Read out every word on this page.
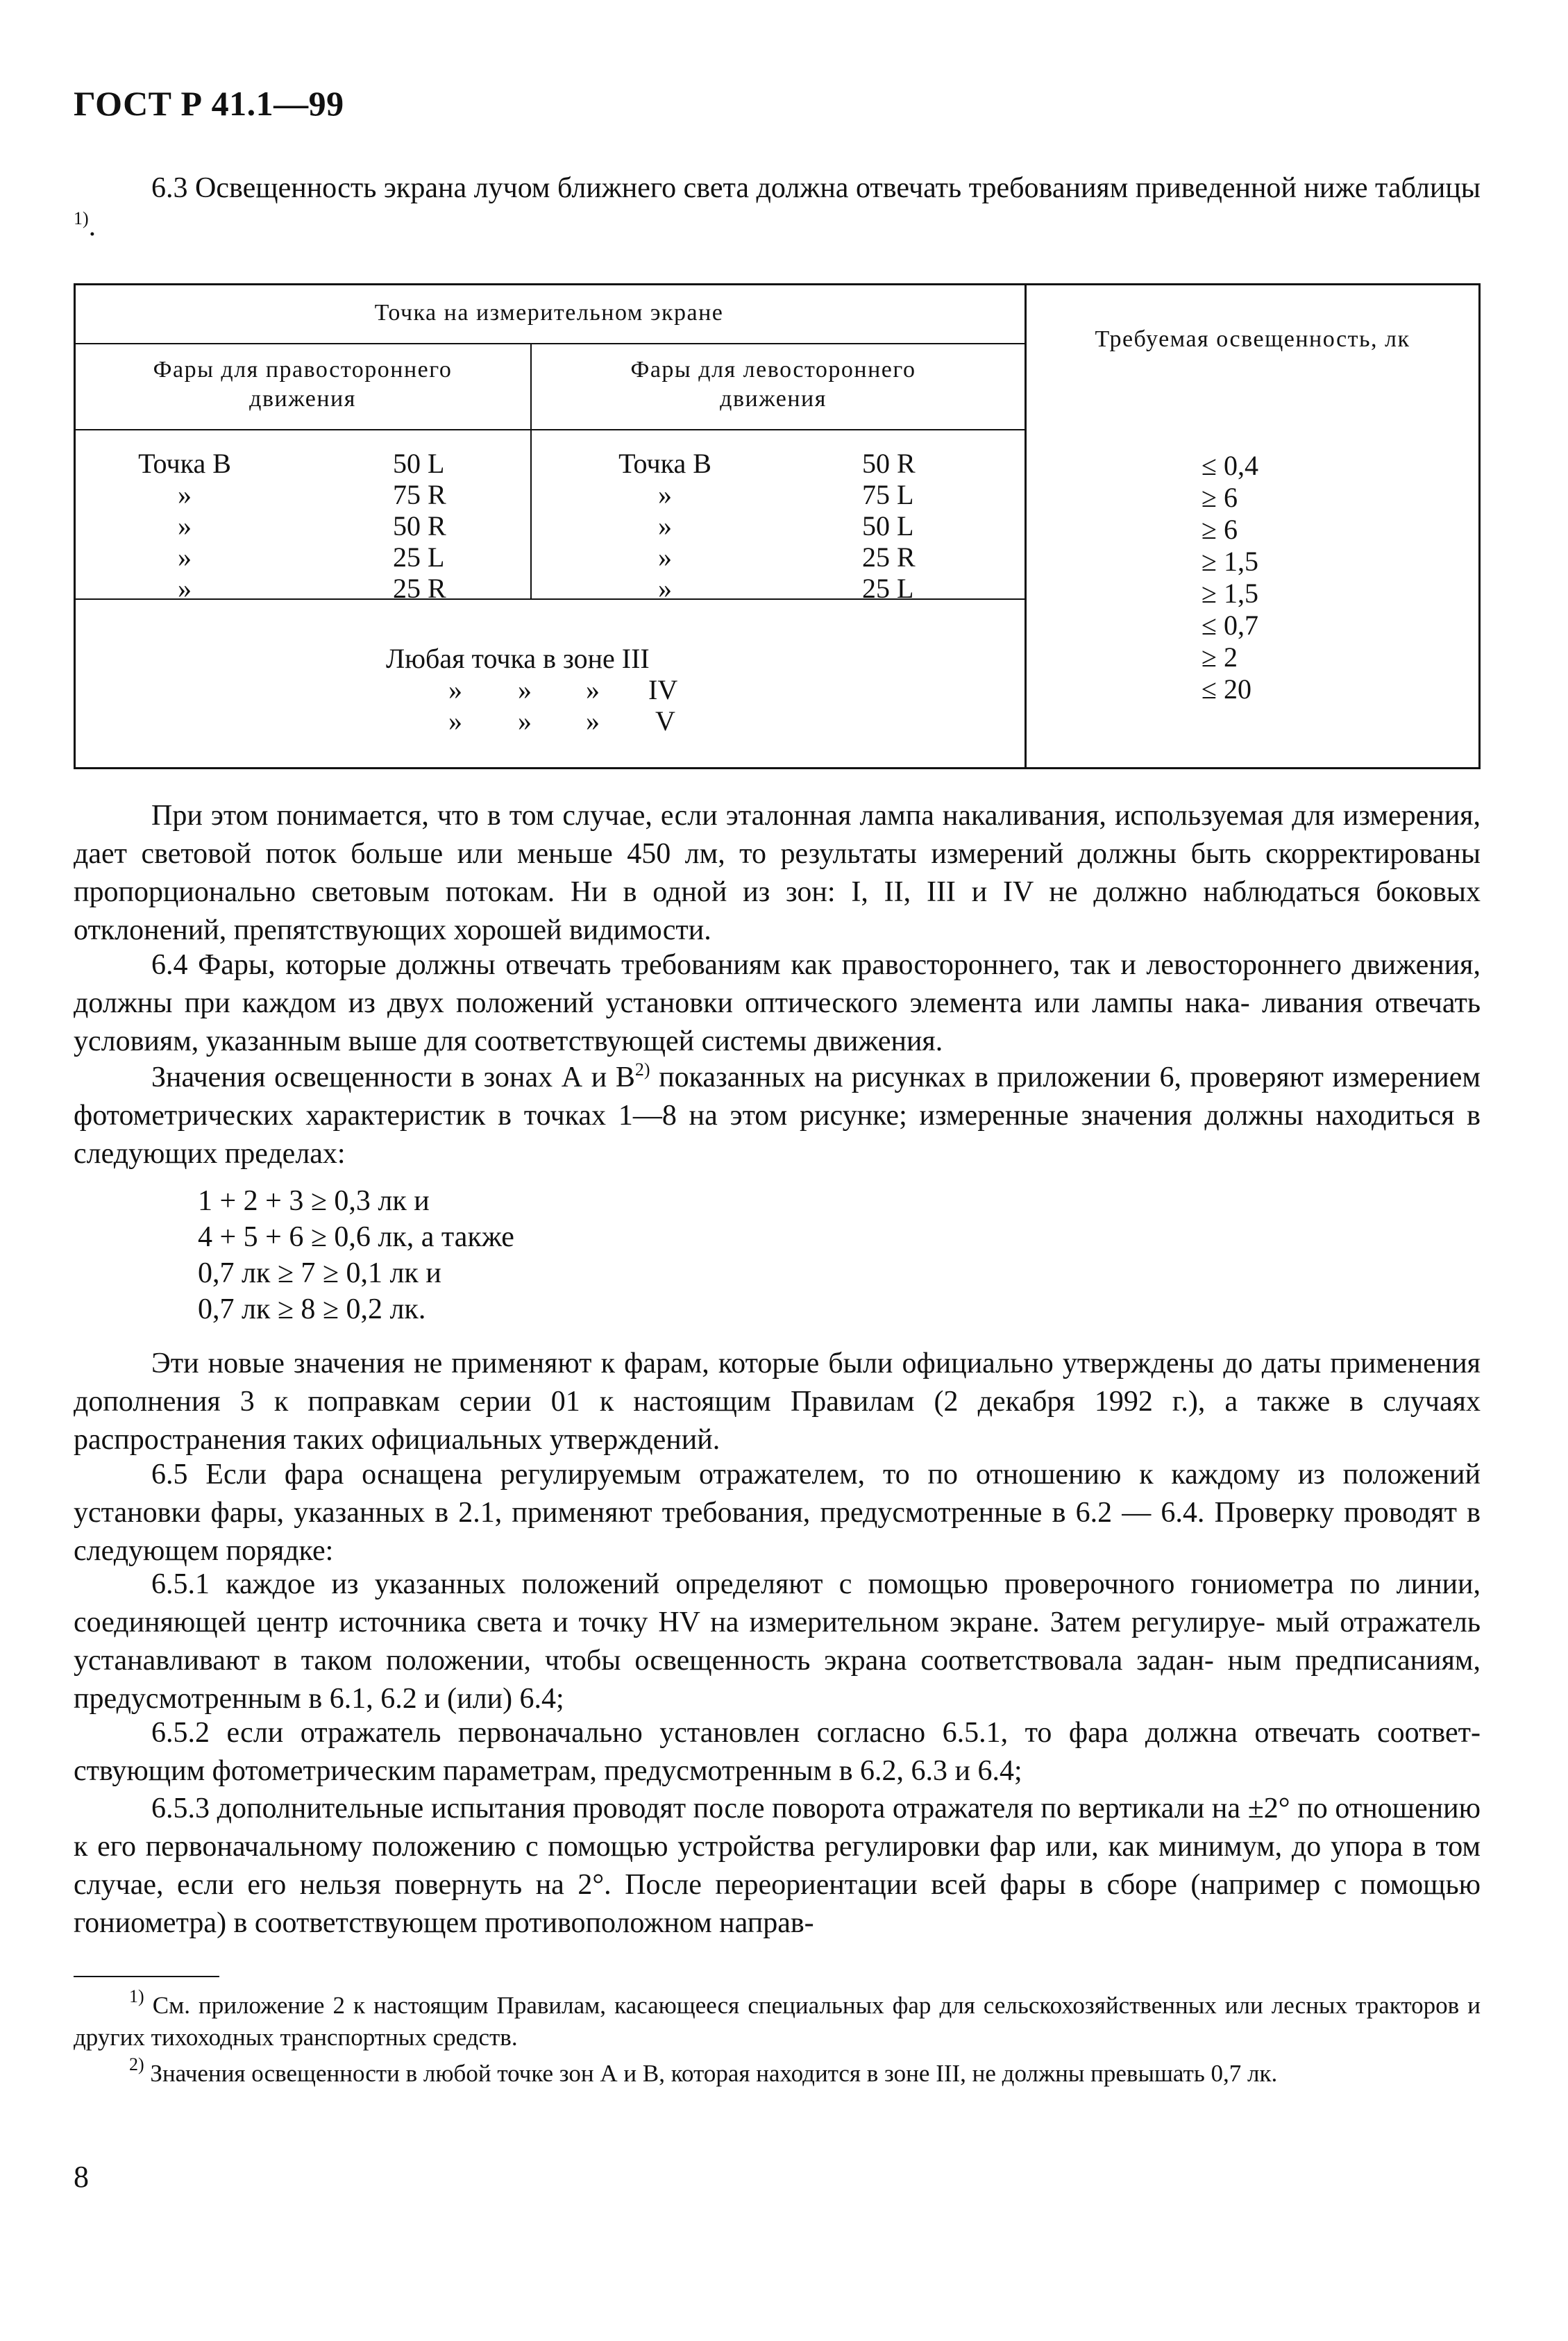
ГОСТ Р 41.1—99

6.3 Освещенность экрана лучом ближнего света должна отвечать требованиям приведенной ниже таблицы $^{1)}$.

Точка на измерительном экране
Фары для правостороннего движения
Фары для левостороннего движения
Требуемая освещенность, лк
Точка В
»
»
»
»
50 L
75 R
50 R
25 L
25 R
Точка В
»
»
»
»
50 R
75 L
50 L
25 R
25 L
Любая точка в зоне III
» » » IV
» » » V
≤ 0,4
≥ 6
≥ 6
≥ 1,5
≥ 1,5
≤ 0,7
≥ 2
≤ 20

При этом понимается, что в том случае, если эталонная лампа накаливания, используемая для измерения, дает световой поток больше или меньше 450 лм, то результаты измерений должны быть скорректированы пропорционально световым потокам. Ни в одной из зон: I, II, III и IV не должно наблюдаться боковых отклонений, препятствующих хорошей видимости.

6.4 Фары, которые должны отвечать требованиям как правостороннего, так и левостороннего движения, должны при каждом из двух положений установки оптического элемента или лампы нака- ливания отвечать условиям, указанным выше для соответствующей системы движения.

Значения освещенности в зонах А и $В^{2)}$ показанных на рисунках в приложении 6, проверяют измерением фотометрических характеристик в точках 1—8 на этом рисунке; измеренные значения должны находиться в следующих пределах:

1 + 2 + 3 ≥ 0,3 лк и
4 + 5 + 6 ≥ 0,6 лк, а также
0,7 лк ≥ 7 ≥ 0,1 лк и
0,7 лк ≥ 8 ≥ 0,2 лк.

Эти новые значения не применяют к фарам, которые были официально утверждены до даты применения дополнения 3 к поправкам серии 01 к настоящим Правилам (2 декабря 1992 г.), а также в случаях распространения таких официальных утверждений.

6.5 Если фара оснащена регулируемым отражателем, то по отношению к каждому из положений установки фары, указанных в 2.1, применяют требования, предусмотренные в 6.2 — 6.4. Проверку проводят в следующем порядке:

6.5.1 каждое из указанных положений определяют с помощью проверочного гониометра по линии, соединяющей центр источника света и точку HV на измерительном экране. Затем регулируе- мый отражатель устанавливают в таком положении, чтобы освещенность экрана соответствовала задан- ным предписаниям, предусмотренным в 6.1, 6.2 и (или) 6.4;

6.5.2 если отражатель первоначально установлен согласно 6.5.1, то фара должна отвечать соответ- ствующим фотометрическим параметрам, предусмотренным в 6.2, 6.3 и 6.4;

6.5.3 дополнительные испытания проводят после поворота отражателя по вертикали на ±2° по отношению к его первоначальному положению с помощью устройства регулировки фар или, как минимум, до упора в том случае, если его нельзя повернуть на 2°. После переориентации всей фары в сборе (например с помощью гониометра) в соответствующем противоположном направ-

$^{1)}$ См. приложение 2 к настоящим Правилам, касающееся специальных фар для сельскохозяйственных или лесных тракторов и других тихоходных транспортных средств.

$^{2)}$ Значения освещенности в любой точке зон А и В, которая находится в зоне III, не должны превышать 0,7 лк.

8
